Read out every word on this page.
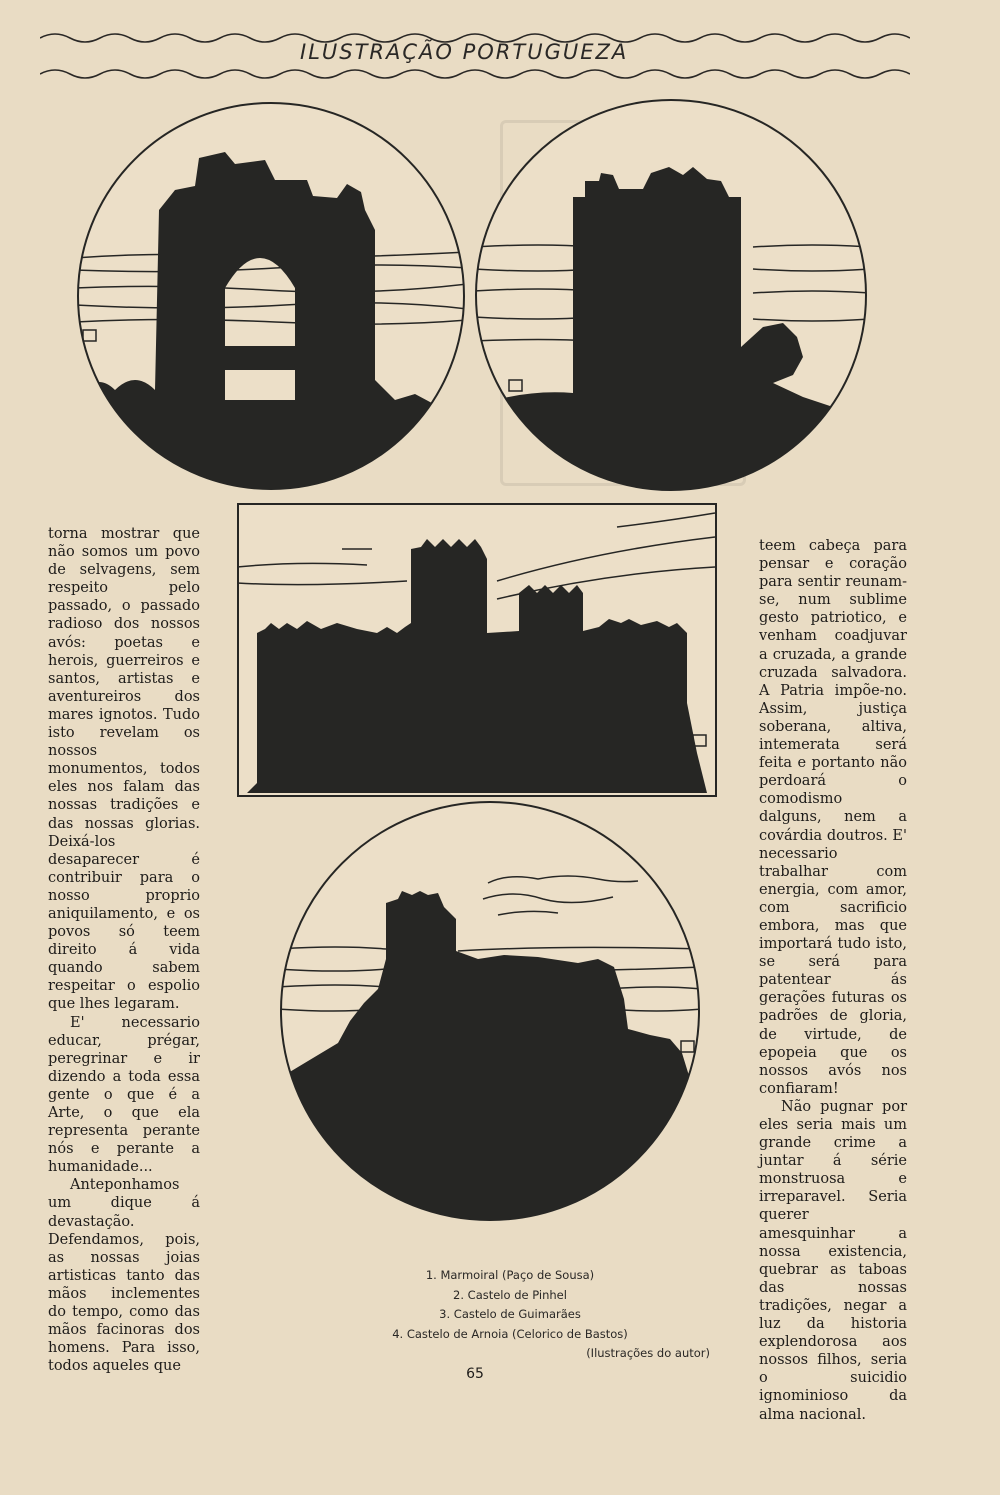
ILUSTRAÇÃO PORTUGUEZA

torna mostrar que não somos um povo de selvagens, sem respeito pelo passado, o passado radioso dos nossos avós: poetas e herois, guerreiros e santos, artistas e aventureiros dos mares ignotos. Tudo isto revelam os nossos monumentos, todos eles nos falam das nossas tradições e das nossas glorias. Deixá-los desaparecer é contribuir para o nosso proprio aniquilamento, e os povos só teem direito á vida quando sabem respeitar o espolio que lhes legaram.

E' necessario educar, prégar, peregrinar e ir dizendo a toda essa gente o que é a Arte, o que ela representa perante nós e perante a humanidade...

Anteponhamos um dique á devastação. Defendamos, pois, as nossas joias artisticas tanto das mãos inclementes do tempo, como das mãos facinoras dos homens. Para isso, todos aqueles que

teem cabeça para pensar e coração para sentir reunam-se, num sublime gesto patriotico, e venham coadjuvar a cruzada, a grande cruzada salvadora. A Patria impõe-no. Assim, justiça soberana, altiva, intemerata será feita e portanto não perdoará o comodismo dalguns, nem a covárdia doutros. E' necessario trabalhar com energia, com amor, com sacrificio embora, mas que importará tudo isto, se será para patentear ás gerações futuras os padrões de gloria, de virtude, de epopeia que os nossos avós nos confiaram!

Não pugnar por eles seria mais um grande crime a juntar á série monstruosa e irreparavel. Seria querer amesquinhar a nossa existencia, quebrar as taboas das nossas tradições, negar a luz da historia explendorosa aos nossos filhos, seria o suicidio ignominioso da alma nacional.

1. Marmoiral (Paço de Sousa)
2. Castelo de Pinhel
3. Castelo de Guimarães
4. Castelo de Arnoia (Celorico de Bastos)
(Ilustrações do autor)
65
